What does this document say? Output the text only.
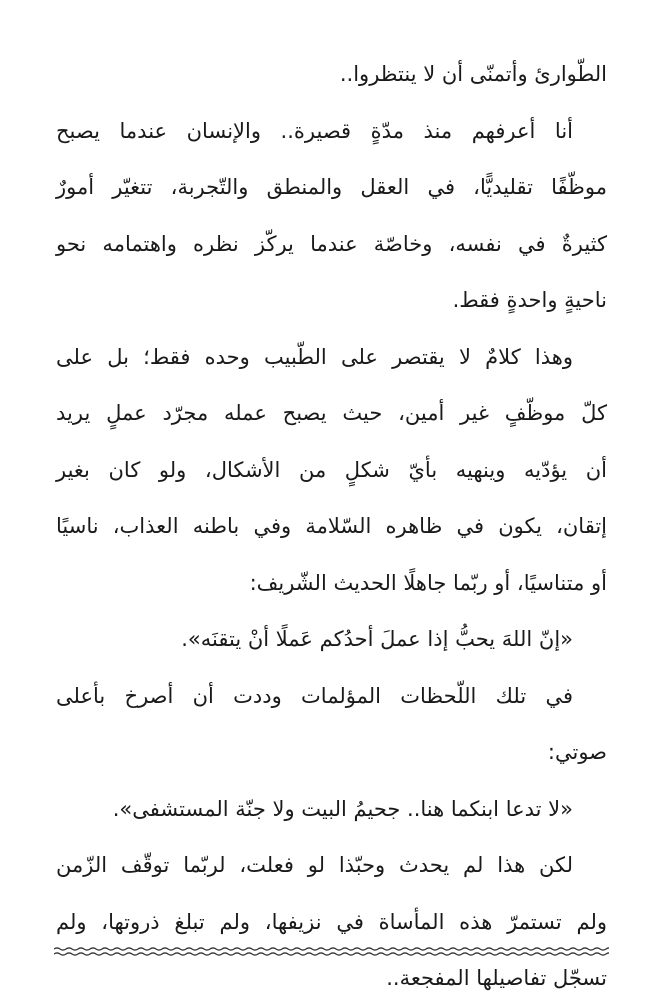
الطّوارئ وأتمنّى أن لا ينتظروا..
أنا أعرفهم منذ مدّةٍ قصيرة.. والإنسان عندما يصبح
موظّفًا تقليديًّا، في العقل والمنطق والتّجربة، تتغيّر أمورٌ
كثيرةٌ في نفسه، وخاصّة عندما يركّز نظره واهتمامه نحو
ناحيةٍ واحدةٍ فقط.
وهذا كلامٌ لا يقتصر على الطّبيب وحده فقط؛ بل على
كلّ موظّفٍ غير أمين، حيث يصبح عمله مجرّد عملٍ يريد
أن يؤدّيه وينهيه بأيّ شكلٍ من الأشكال، ولو كان بغير
إتقان، يكون في ظاهره السّلامة وفي باطنه العذاب، ناسيًا
أو متناسيًا، أو ربّما جاهلًا الحديث الشّريف:
«إنّ اللهَ يحبُّ إذا عملَ أحدُكم عَملًا أنْ يتقنَه».
في تلك اللّحظات المؤلمات وددت أن أصرخ بأعلى
صوتي:
«لا تدعا ابنكما هنا.. جحيمُ البيت ولا جنّة المستشفى».
لكن هذا لم يحدث وحبّذا لو فعلت، لربّما توقّف الزّمن
ولم تستمرّ هذه المأساة في نزيفها، ولم تبلغ ذروتها، ولم
تسجّل تفاصيلها المفجعة..
